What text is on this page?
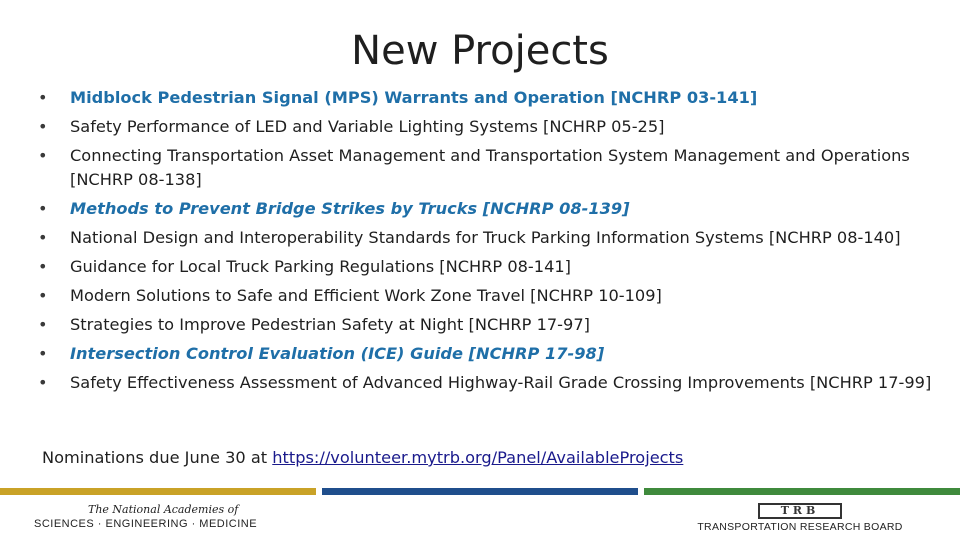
New Projects
•	Midblock Pedestrian Signal (MPS) Warrants and Operation [NCHRP 03-141]
•	Safety Performance of LED and Variable Lighting Systems [NCHRP 05-25]
•	Connecting Transportation Asset Management and Transportation System Management and Operations [NCHRP 08-138]
•	Methods to Prevent Bridge Strikes by Trucks [NCHRP 08-139]
•	National Design and Interoperability Standards for Truck Parking Information Systems [NCHRP 08-140]
•	Guidance for Local Truck Parking Regulations [NCHRP 08-141]
•	Modern Solutions to Safe and Efficient Work Zone Travel [NCHRP 10-109]
•	Strategies to Improve Pedestrian Safety at Night [NCHRP 17-97]
•	Intersection Control Evaluation (ICE) Guide [NCHRP 17-98]
•	Safety Effectiveness Assessment of Advanced Highway-Rail Grade Crossing Improvements [NCHRP 17-99]
Nominations due June 30 at https://volunteer.mytrb.org/Panel/AvailableProjects
The National Academies of
SCIENCES · ENGINEERING · MEDICINE
TRB
TRANSPORTATION RESEARCH BOARD
